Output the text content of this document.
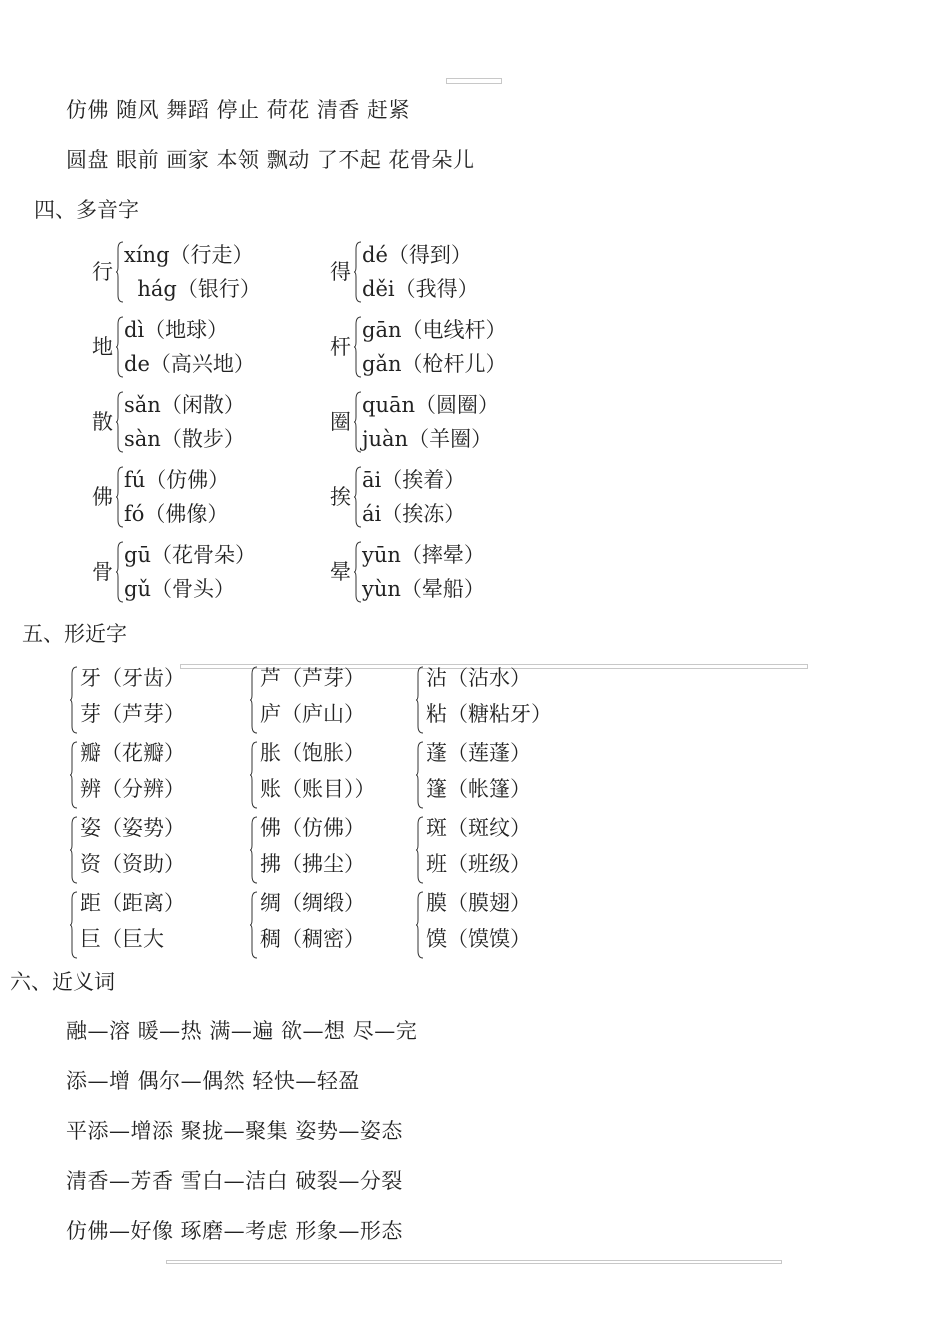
仿佛 随风 舞蹈 停止 荷花 清香 赶紧
圆盘 眼前 画家 本领 飘动 了不起 花骨朵儿
四、多音字
行
xíng（行走）
hág（银行）
得
dé（得到）
děi（我得）
地
dì（地球）
de（高兴地）
杆
gān（电线杆）
gǎn（枪杆儿）
散
sǎn（闲散）
sàn（散步）
圈
quān（圆圈）
juàn（羊圈）
佛
fú（仿佛）
fó（佛像）
挨
āi（挨着）
ái（挨冻）
骨
gū（花骨朵）
gǔ（骨头）
晕
yūn（摔晕）
yùn（晕船）
五、形近字
牙（牙齿）
芽（芦芽）
芦（芦芽）
庐（庐山）
沾（沾水）
粘（糖粘牙）
瓣（花瓣）
辨（分辨）
胀（饱胀）
账（账目））
蓬（莲蓬）
篷（帐篷）
姿（姿势）
资（资助）
佛（仿佛）
拂（拂尘）
斑（斑纹）
班（班级）
距（距离）
巨（巨大
绸（绸缎）
稠（稠密）
膜（膜翅）
馍（馍馍）
六、近义词
融—溶 暖—热 满—遍 欲—想 尽—完
添—增 偶尔—偶然 轻快—轻盈
平添—增添 聚拢—聚集 姿势—姿态
清香—芳香 雪白—洁白 破裂—分裂
仿佛—好像 琢磨—考虑 形象—形态
